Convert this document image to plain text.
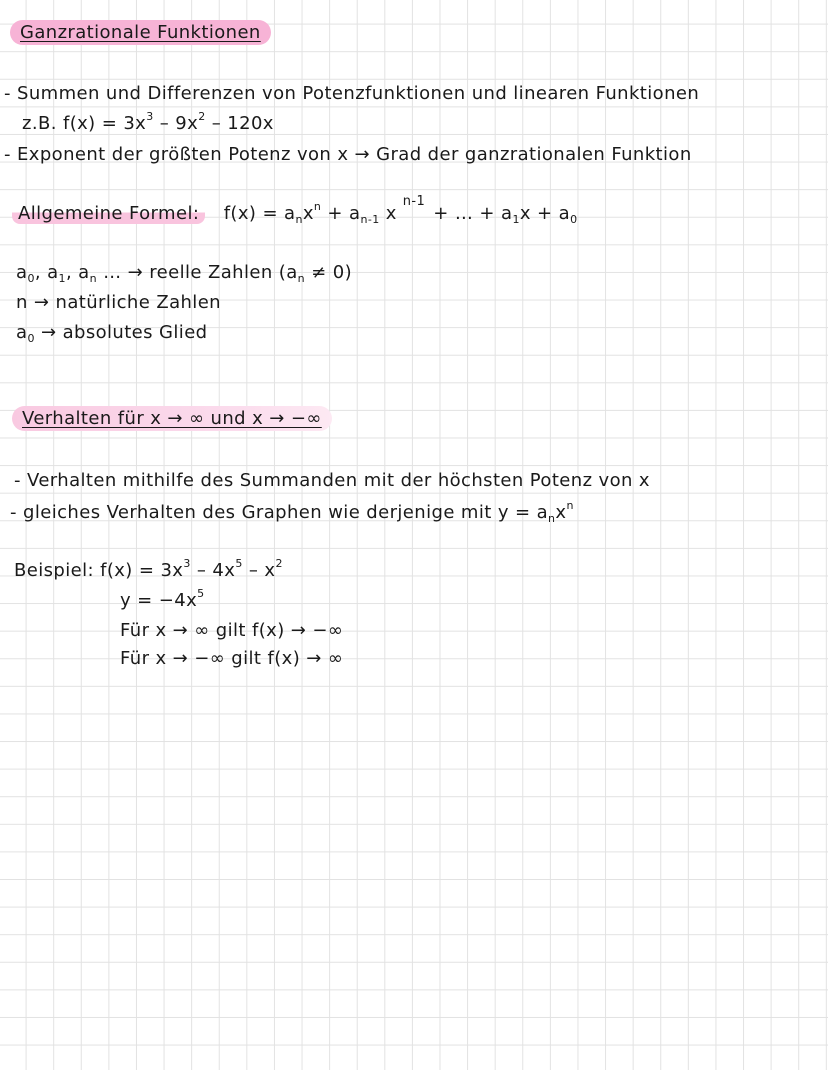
Ganzrationale Funktionen
- Summen und Differenzen von Potenzfunktionen und linearen Funktionen
z.B. $f(x) = 3x^3 - 9x^2 - 120x$
- Exponent der größten Potenz von x → Grad der ganzrationalen Funktion
Allgemeine Formel: $f(x) = a_nx^n + a_{n-1}$ $x^{n-1}$ + … + $a_1x + a_0$
$a_0$, $a_1$, $a_n$ … → reelle Zahlen $(a_n \ne 0)$
n → natürliche Zahlen
$a_0$ → absolutes Glied
Verhalten für x → ∞ und x → −∞
- Verhalten mithilfe des Summanden mit der höchsten Potenz von x
- gleiches Verhalten des Graphen wie derjenige mit $y = a_nx^n$
Beispiel: $f(x) = 3x^3 - 4x^5 - x^2$
$y = -4x^5$
Für x → ∞ gilt f(x) → −∞
Für x → −∞ gilt f(x) → ∞
